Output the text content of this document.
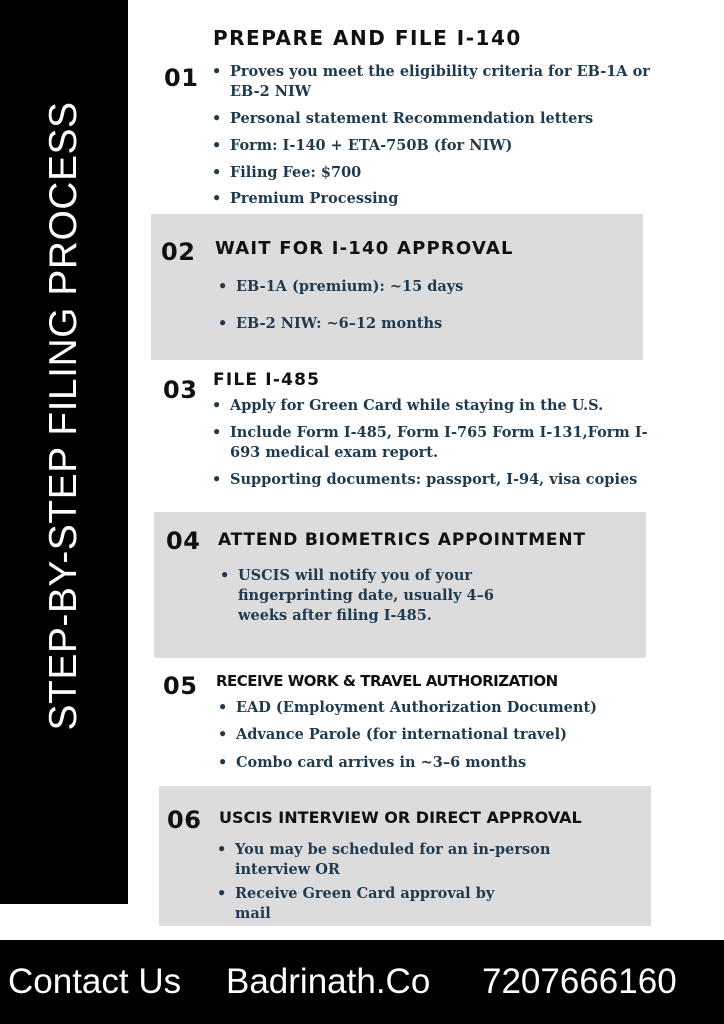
STEP-BY-STEP FILING PROCESS
01
PREPARE AND FILE I-140
• Proves you meet the eligibility criteria for EB-1A or EB-2 NIW
• Personal statement Recommendation letters
• Form: I-140 + ETA-750B (for NIW)
• Filing Fee: $700
• Premium Processing
02 WAIT FOR I-140 APPROVAL
• EB-1A (premium): ~15 days
• EB-2 NIW: ~6–12 months
03 FILE I-485
• Apply for Green Card while staying in the U.S.
• Include Form I-485, Form I-765 Form I-131,Form I-693 medical exam report.
• Supporting documents: passport, I-94, visa copies
04 ATTEND BIOMETRICS APPOINTMENT
• USCIS will notify you of your fingerprinting date, usually 4–6 weeks after filing I-485.
05 RECEIVE WORK & TRAVEL AUTHORIZATION
• EAD (Employment Authorization Document)
• Advance Parole (for international travel)
• Combo card arrives in ~3–6 months
06 USCIS INTERVIEW OR DIRECT APPROVAL
• You may be scheduled for an in-person interview OR
• Receive Green Card approval by mail
Contact Us Badrinath.Co 7207666160
